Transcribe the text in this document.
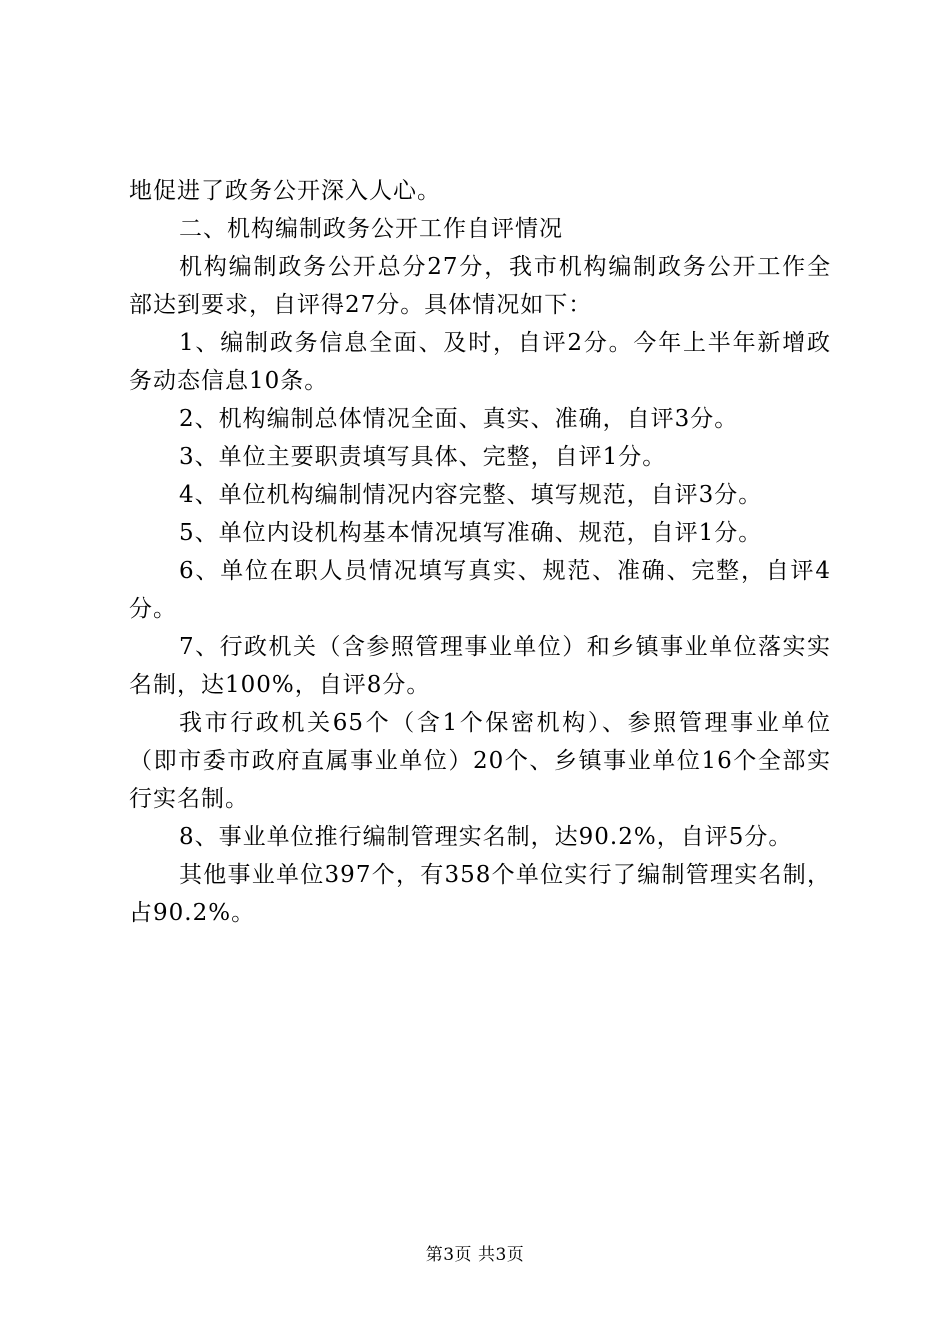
地促进了政务公开深入人心。

二、机构编制政务公开工作自评情况

机构编制政务公开总分27分，我市机构编制政务公开工作全部达到要求，自评得27分。具体情况如下：

1、编制政务信息全面、及时，自评2分。今年上半年新增政务动态信息10条。

2、机构编制总体情况全面、真实、准确，自评3分。

3、单位主要职责填写具体、完整，自评1分。

4、单位机构编制情况内容完整、填写规范，自评3分。

5、单位内设机构基本情况填写准确、规范，自评1分。

6、单位在职人员情况填写真实、规范、准确、完整，自评4分。

7、行政机关（含参照管理事业单位）和乡镇事业单位落实实名制，达100%，自评8分。

我市行政机关65个（含1个保密机构）、参照管理事业单位（即市委市政府直属事业单位）20个、乡镇事业单位16个全部实行实名制。

8、事业单位推行编制管理实名制，达90.2%，自评5分。

其他事业单位397个，有358个单位实行了编制管理实名制，占90.2%。

第3页 共3页
